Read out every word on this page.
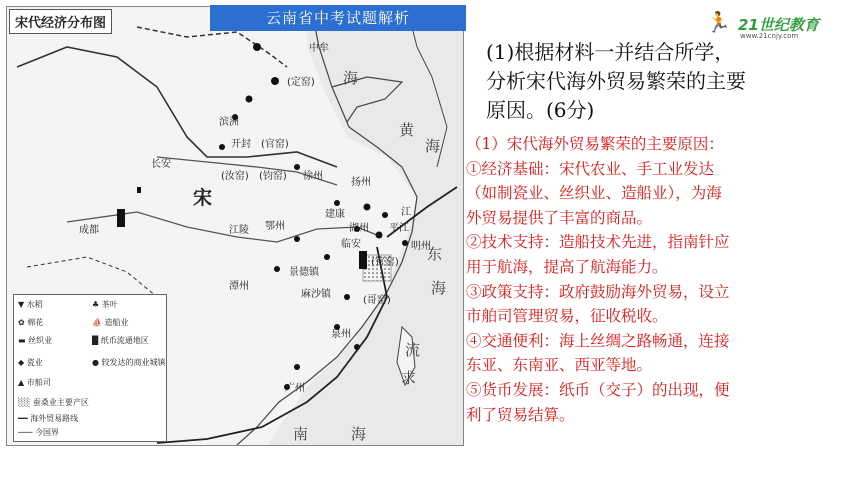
宋代经济分布图
中牟
(定窑)
滨洲
开封 (官窑)
(汝窑) (钧窑) 徐州
长安
宋
成都	江陵 鄂州
建康
扬州
江
平江
湖州
临安	明州
(官窑)
景德镇
潭州
麻沙镇
(哥窑)
泉州
广州
海
黄
海
东
海
流
求
南	海
▼ 水稻	♣ 茶叶
✿ 棉花	⛵ 造船业
▬ 丝织业	█ 纸币流通地区
◆ 瓷业	● 较发达的商业城镇
▲ 市舶司
░░ 蚕桑业主要产区
━━ 海外贸易路线
─── 今国界
云南省中考试题解析	🏃 21世纪教育
www.21cnjy.com
(1)根据材料一并结合所学，
分析宋代海外贸易繁荣的主要
原因。(6分)
（1）宋代海外贸易繁荣的主要原因：
①经济基础：宋代农业、手工业发达
（如制瓷业、丝织业、造船业），为海
外贸易提供了丰富的商品。
②技术支持：造船技术先进，指南针应
用于航海，提高了航海能力。
③政策支持：政府鼓励海外贸易，设立
市舶司管理贸易，征收税收。
④交通便利：海上丝绸之路畅通，连接
东亚、东南亚、西亚等地。
⑤货币发展：纸币（交子）的出现，便
利了贸易结算。
